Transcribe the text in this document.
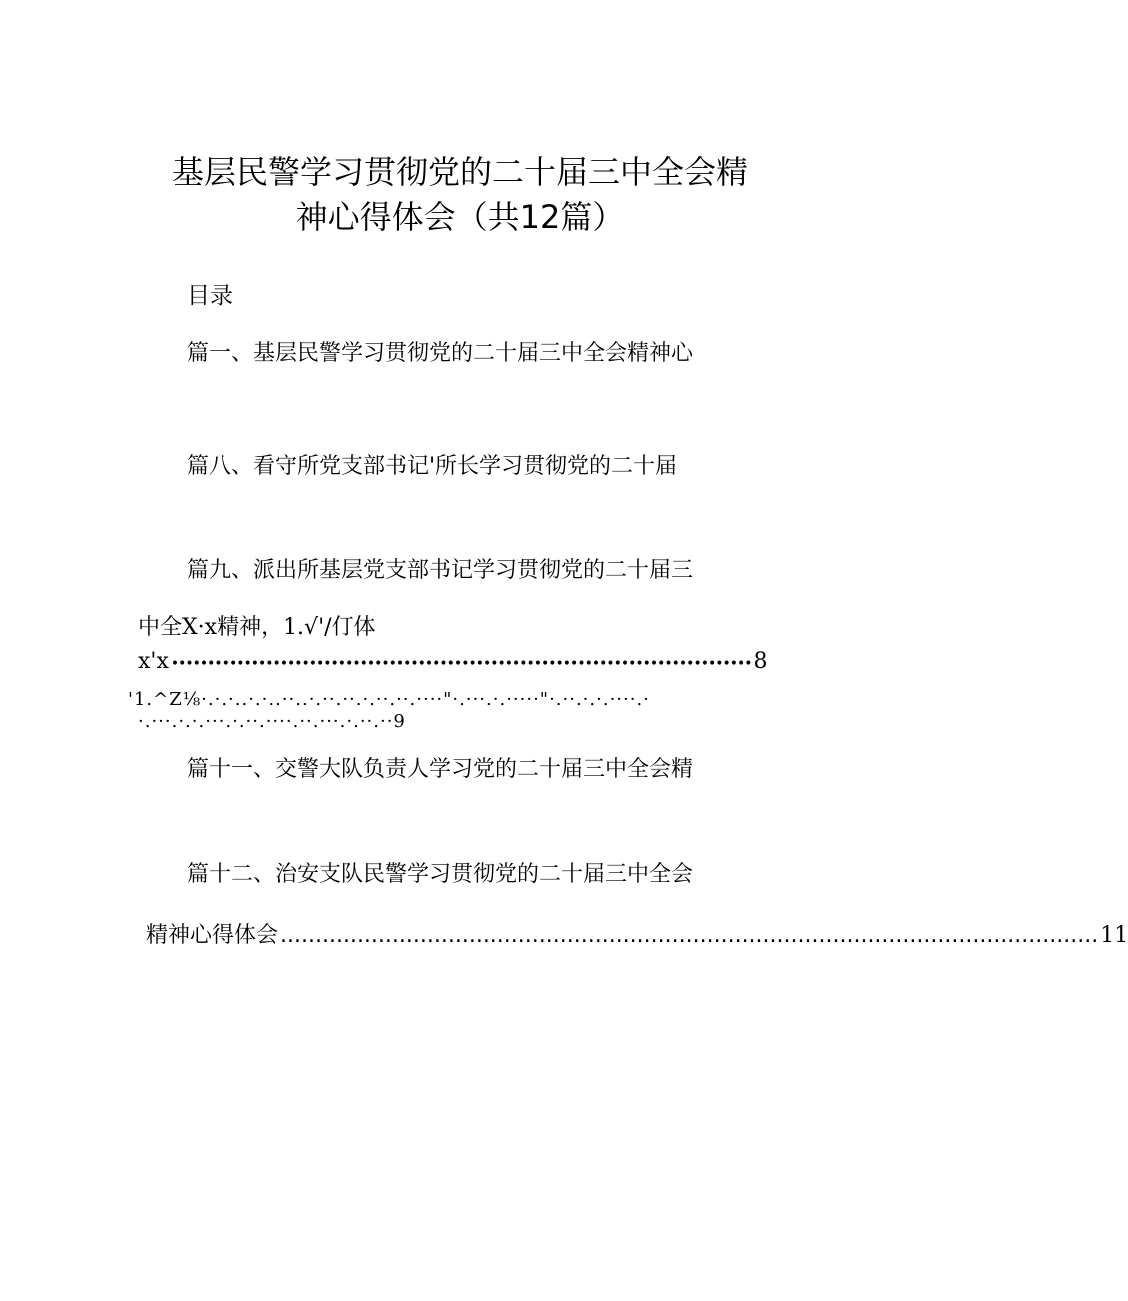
基层民警学习贯彻党的二十届三中全会精
神心得体会（共12篇）
目录
篇一、基层民警学习贯彻党的二十届三中全会精神心
篇八、看守所党支部书记'所长学习贯彻党的二十届
篇九、派出所基层党支部书记学习贯彻党的二十届三
中全X·x精神，1.√'/仃体
x'x •••••••••••••••••••••••••••••••••••••••••••••••••••••••••••••••••••••••••••••••• 8
'1.^Z⅛·.·.·..·.·..··..·.··.··.·.··.··.····"·.···.·.·····"·.··.·.·.····.·
·.···.·.·.···.·.··.····.··.···.·.··.··9
篇十一、交警大队负责人学习党的二十届三中全会精
篇十二、治安支队民警学习贯彻党的二十届三中全会
精神心得体会 ..................................................................................................................... 11
